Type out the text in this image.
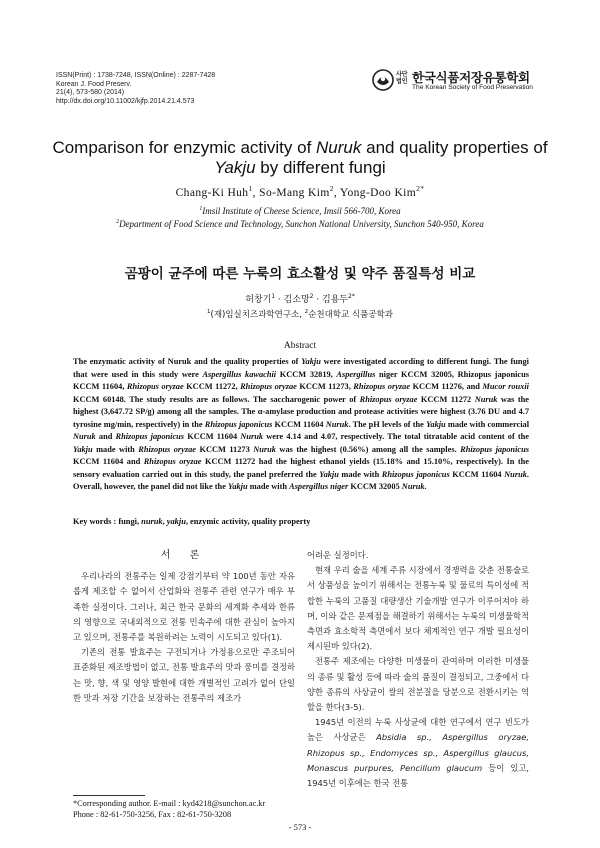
ISSN(Print) : 1738-7248, ISSN(Online) : 2287-7428
Korean J. Food Preserv.
21(4), 573-580 (2014)
http://dx.doi.org/10.11002/kjfp.2014.21.4.573
사단 법인 한국식품저장유통학회
The Korean Society of Food Preservation
Comparison for enzymic activity of Nuruk and quality properties of
Yakju by different fungi
Chang-Ki Huh$^1$, So-Mang Kim$^2$, Yong-Doo Kim$^{2*}$
$^1$Imsil Institute of Cheese Science, Imsil 566-700, Korea
$^2$Department of Food Science and Technology, Sunchon National University, Sunchon 540-950, Korea
곰팡이 균주에 따른 누룩의 효소활성 및 약주 품질특성 비교
허창기$^1$ · 김소망$^2$ · 김용두$^{2*}$
$^1$(재)임실치즈과학연구소, $^2$순천대학교 식품공학과
Abstract
The enzymatic activity of Nuruk and the quality properties of Yakju were investigated according to different fungi. The fungi that were used in this study were Aspergillus kawachii KCCM 32819, Aspergillus niger KCCM 32005, Rhizopus japonicus KCCM 11604, Rhizopus oryzae KCCM 11272, Rhizopus oryzae KCCM 11273, Rhizopus oryzae KCCM 11276, and Mucor rouxii KCCM 60148. The study results are as follows. The saccharogenic power of Rhizopus oryzae KCCM 11272 Nuruk was the highest (3,647.72 SP/g) among all the samples. The α-amylase production and protease activities were highest (3.76 DU and 4.7 tyrosine mg/min, respectively) in the Rhizopus japonicus KCCM 11604 Nuruk. The pH levels of the Yakju made with commercial Nuruk and Rhizopus japonicus KCCM 11604 Nuruk were 4.14 and 4.07, respectively. The total titratable acid content of the Yakju made with Rhizopus oryzae KCCM 11273 Nuruk was the highest (0.56%) among all the samples. Rhizopus japonicus KCCM 11604 and Rhizopus oryzae KCCM 11272 had the highest ethanol yields (15.18% and 15.10%, respectively). In the sensory evaluation carried out in this study, the panel preferred the Yakju made with Rhizopus japonicus KCCM 11604 Nuruk. Overall, however, the panel did not like the Yakju made with Aspergillus niger KCCM 32005 Nuruk.
Key words : fungi, nuruk, yakju, enzymic activity, quality property
서 론

우리나라의 전통주는 일제 강점기부터 약 100년 동안 자유롭게 제조할 수 없어서 산업화와 전통주 관련 연구가 매우 부족한 실정이다. 그러나, 최근 한국 문화의 세계화 추세와 한류의 영향으로 국내외적으로 전통 민속주에 대한 관심이 높아지고 있으며, 전통주를 복원하려는 노력이 시도되고 있다(1).

기존의 전통 발효주는 구전되거나 가정용으로만 주조되어 표준화된 제조방법이 없고, 전통 발효주의 맛과 풍미를 결정하는 맛, 향, 색 및 영양 발현에 대한 개별적인 고려가 없어 단일한 맛과 저장 기간을 보장하는 전통주의 제조가

어려운 실정이다.

현재 우리 술을 세계 주류 시장에서 경쟁력을 갖춘 전통술로서 상품성을 높이기 위해서는 전통누룩 및 물료의 특이성에 적합한 누룩의 고품질 대량생산 기술개발 연구가 이루어져야 하며, 이와 같은 문제점을 해결하기 위해서는 누룩의 미생물학적 측면과 효소학적 측면에서 보다 체계적인 연구 개발 필요성이 제시된바 있다(2).

전통주 제조에는 다양한 미생물이 관여하며 이러한 미생물의 종류 및 활성 등에 따라 술의 품질이 결정되고, 그중에서 다양한 종류의 사상균이 쌀의 전분질을 당분으로 전환시키는 역할을 한다(3-5).

1945년 이전의 누룩 사상균에 대한 연구에서 연구 빈도가 높은 사상균은 Absidia sp., Aspergillus oryzae, Rhizopus sp., Endomyces sp., Aspergillus glaucus, Monascus purpures, Pencillum glaucum 등이 있고, 1945년 이후에는 한국 전통

*Corresponding author. E-mail : kyd4218@sunchon.ac.kr
Phone : 82-61-750-3256, Fax : 82-61-750-3208
- 573 -
